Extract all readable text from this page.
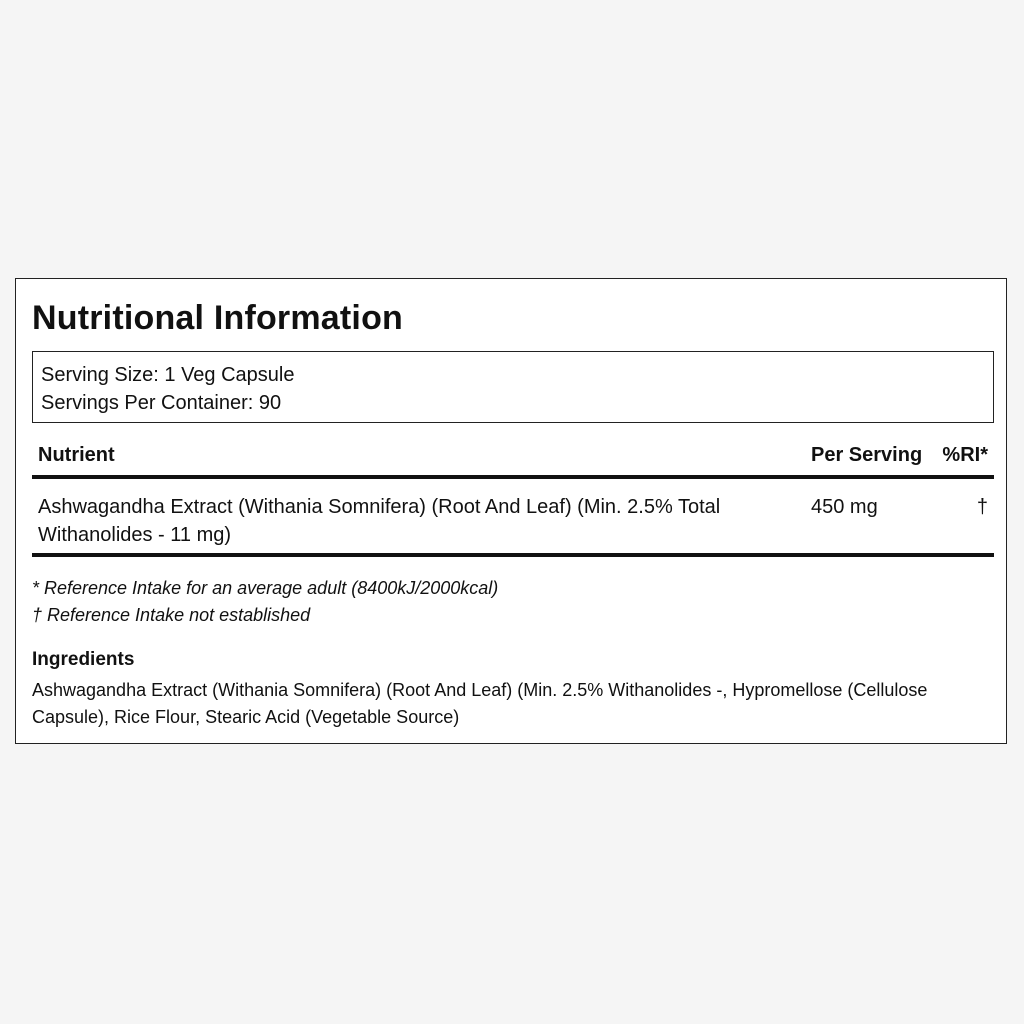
Nutritional Information
Serving Size: 1 Veg Capsule
Servings Per Container: 90
Nutrient	Per Serving %RI*
Ashwagandha Extract (Withania Somnifera) (Root And Leaf) (Min. 2.5% Total Withanolides - 11 mg)
450 mg	†
* Reference Intake for an average adult (8400kJ/2000kcal)
† Reference Intake not established
Ingredients
Ashwagandha Extract (Withania Somnifera) (Root And Leaf) (Min. 2.5% Withanolides -, Hypromellose (Cellulose Capsule), Rice Flour, Stearic Acid (Vegetable Source)
